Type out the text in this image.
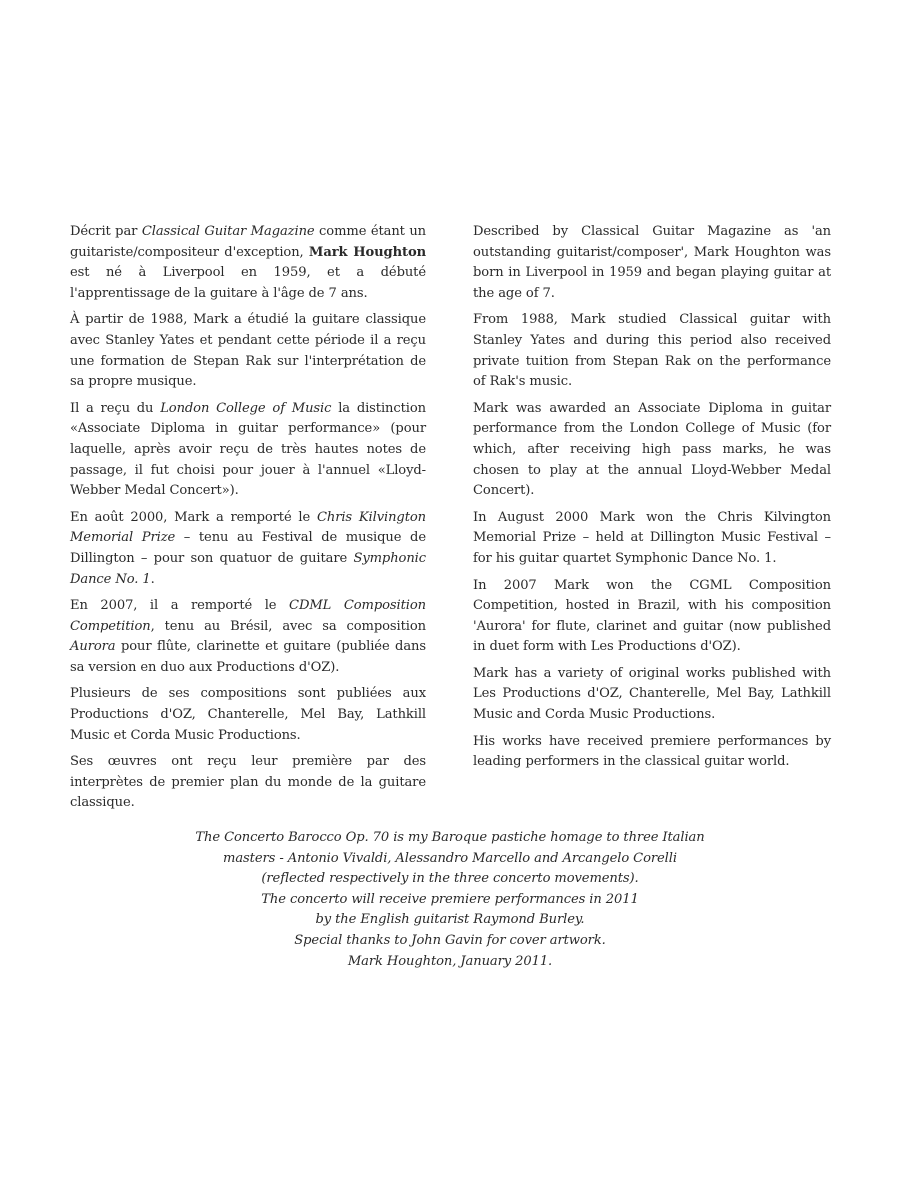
Décrit par Classical Guitar Magazine comme étant un guitariste/compositeur d'exception, Mark Houghton est né à Liverpool en 1959, et a débuté l'apprentissage de la guitare à l'âge de 7 ans.

À partir de 1988, Mark a étudié la guitare classique avec Stanley Yates et pendant cette période il a reçu une formation de Stepan Rak sur l'interprétation de sa propre musique.

Il a reçu du London College of Music la distinction «Associate Diploma in guitar performance» (pour laquelle, après avoir reçu de très hautes notes de passage, il fut choisi pour jouer à l'annuel «Lloyd-Webber Medal Concert»).

En août 2000, Mark a remporté le Chris Kilvington Memorial Prize – tenu au Festival de musique de Dillington – pour son quatuor de guitare Symphonic Dance No. 1.

En 2007, il a remporté le CDML Composition Competition, tenu au Brésil, avec sa composition Aurora pour flûte, clarinette et guitare (publiée dans sa version en duo aux Productions d'OZ).

Plusieurs de ses compositions sont publiées aux Productions d'OZ, Chanterelle, Mel Bay, Lathkill Music et Corda Music Productions.

Ses œuvres ont reçu leur première par des interprètes de premier plan du monde de la guitare classique.

Described by Classical Guitar Magazine as 'an outstanding guitarist/composer', Mark Houghton was born in Liverpool in 1959 and began playing guitar at the age of 7.

From 1988, Mark studied Classical guitar with Stanley Yates and during this period also received private tuition from Stepan Rak on the performance of Rak's music.

Mark was awarded an Associate Diploma in guitar performance from the London College of Music (for which, after receiving high pass marks, he was chosen to play at the annual Lloyd-Webber Medal Concert).

In August 2000 Mark won the Chris Kilvington Memorial Prize – held at Dillington Music Festival – for his guitar quartet Symphonic Dance No. 1.

In 2007 Mark won the CGML Composition Competition, hosted in Brazil, with his composition 'Aurora' for flute, clarinet and guitar (now published in duet form with Les Productions d'OZ).

Mark has a variety of original works published with Les Productions d'OZ, Chanterelle, Mel Bay, Lathkill Music and Corda Music Productions.

His works have received premiere performances by leading performers in the classical guitar world.

The Concerto Barocco Op. 70 is my Baroque pastiche homage to three Italian
masters - Antonio Vivaldi, Alessandro Marcello and Arcangelo Corelli
(reflected respectively in the three concerto movements).
The concerto will receive premiere performances in 2011
by the English guitarist Raymond Burley.
Special thanks to John Gavin for cover artwork.
Mark Houghton, January 2011.
